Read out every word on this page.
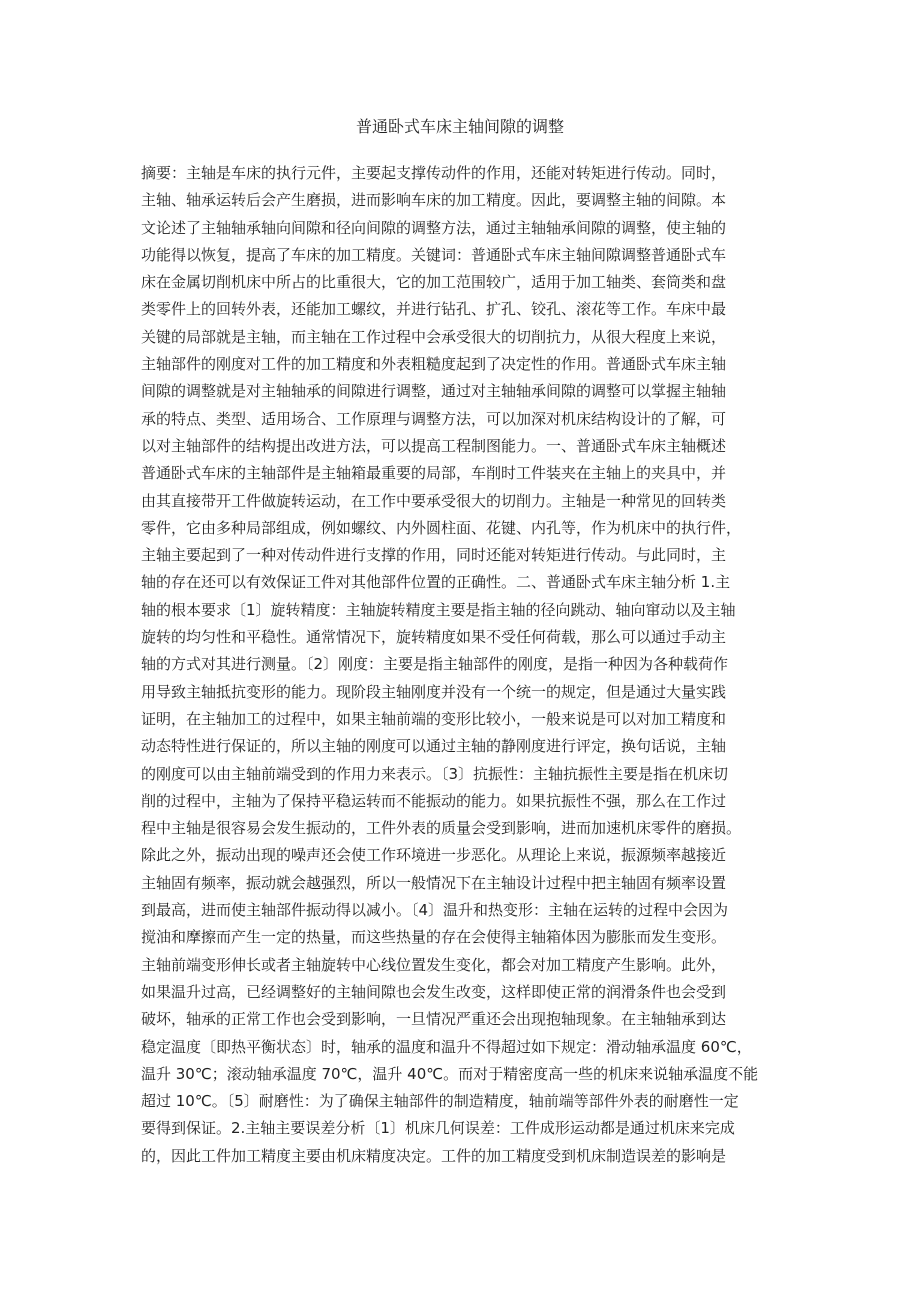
普通卧式车床主轴间隙的调整
摘要：主轴是车床的执行元件，主要起支撑传动件的作用，还能对转矩进行传动。同时，
主轴、轴承运转后会产生磨损，进而影响车床的加工精度。因此，要调整主轴的间隙。本
文论述了主轴轴承轴向间隙和径向间隙的调整方法，通过主轴轴承间隙的调整，使主轴的
功能得以恢复，提高了车床的加工精度。关键词：普通卧式车床主轴间隙调整普通卧式车
床在金属切削机床中所占的比重很大，它的加工范围较广，适用于加工轴类、套筒类和盘
类零件上的回转外表，还能加工螺纹，并进行钻孔、扩孔、铰孔、滚花等工作。车床中最
关键的局部就是主轴，而主轴在工作过程中会承受很大的切削抗力，从很大程度上来说，
主轴部件的刚度对工件的加工精度和外表粗糙度起到了决定性的作用。普通卧式车床主轴
间隙的调整就是对主轴轴承的间隙进行调整，通过对主轴轴承间隙的调整可以掌握主轴轴
承的特点、类型、适用场合、工作原理与调整方法，可以加深对机床结构设计的了解，可
以对主轴部件的结构提出改进方法，可以提高工程制图能力。一、普通卧式车床主轴概述
普通卧式车床的主轴部件是主轴箱最重要的局部，车削时工件装夹在主轴上的夹具中，并
由其直接带开工件做旋转运动，在工作中要承受很大的切削力。主轴是一种常见的回转类
零件，它由多种局部组成，例如螺纹、内外圆柱面、花键、内孔等，作为机床中的执行件，
主轴主要起到了一种对传动件进行支撑的作用，同时还能对转矩进行传动。与此同时，主
轴的存在还可以有效保证工件对其他部件位置的正确性。二、普通卧式车床主轴分析 1.主
轴的根本要求〔1〕旋转精度：主轴旋转精度主要是指主轴的径向跳动、轴向窜动以及主轴
旋转的均匀性和平稳性。通常情况下，旋转精度如果不受任何荷载，那么可以通过手动主
轴的方式对其进行测量。〔2〕刚度：主要是指主轴部件的刚度，是指一种因为各种载荷作
用导致主轴抵抗变形的能力。现阶段主轴刚度并没有一个统一的规定，但是通过大量实践
证明，在主轴加工的过程中，如果主轴前端的变形比较小，一般来说是可以对加工精度和
动态特性进行保证的，所以主轴的刚度可以通过主轴的静刚度进行评定，换句话说，主轴
的刚度可以由主轴前端受到的作用力来表示。〔3〕抗振性：主轴抗振性主要是指在机床切
削的过程中，主轴为了保持平稳运转而不能振动的能力。如果抗振性不强，那么在工作过
程中主轴是很容易会发生振动的，工件外表的质量会受到影响，进而加速机床零件的磨损。
除此之外，振动出现的噪声还会使工作环境进一步恶化。从理论上来说，振源频率越接近
主轴固有频率，振动就会越强烈，所以一般情况下在主轴设计过程中把主轴固有频率设置
到最高，进而使主轴部件振动得以减小。〔4〕温升和热变形：主轴在运转的过程中会因为
搅油和摩擦而产生一定的热量，而这些热量的存在会使得主轴箱体因为膨胀而发生变形。
主轴前端变形伸长或者主轴旋转中心线位置发生变化，都会对加工精度产生影响。此外，
如果温升过高，已经调整好的主轴间隙也会发生改变，这样即使正常的润滑条件也会受到
破坏，轴承的正常工作也会受到影响，一旦情况严重还会出现抱轴现象。在主轴轴承到达
稳定温度〔即热平衡状态〕时，轴承的温度和温升不得超过如下规定：滑动轴承温度 60℃，
温升 30℃；滚动轴承温度 70℃，温升 40℃。而对于精密度高一些的机床来说轴承温度不能
超过 10℃。〔5〕耐磨性：为了确保主轴部件的制造精度，轴前端等部件外表的耐磨性一定
要得到保证。2.主轴主要误差分析〔1〕机床几何误差：工件成形运动都是通过机床来完成
的，因此工件加工精度主要由机床精度决定。工件的加工精度受到机床制造误差的影响是
